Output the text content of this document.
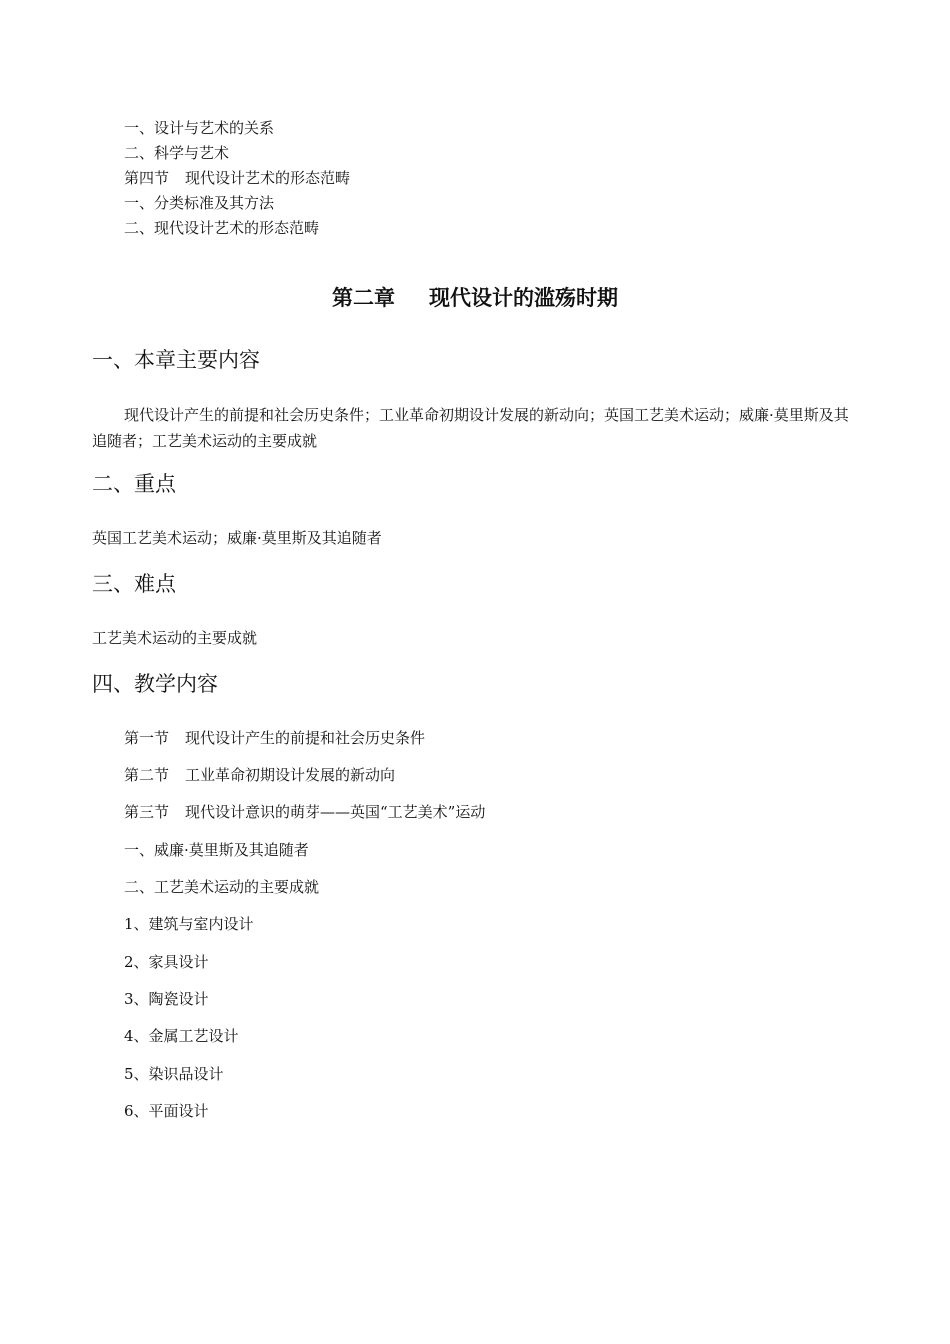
一、设计与艺术的关系
二、科学与艺术
第四节 现代设计艺术的形态范畴
一、分类标准及其方法
二、现代设计艺术的形态范畴
第二章 现代设计的滥殇时期
一、本章主要内容
现代设计产生的前提和社会历史条件；工业革命初期设计发展的新动向；英国工艺美术运动；威廉·莫里斯及其追随者；工艺美术运动的主要成就
二、重点
英国工艺美术运动；威廉·莫里斯及其追随者
三、难点
工艺美术运动的主要成就
四、教学内容
第一节 现代设计产生的前提和社会历史条件
第二节 工业革命初期设计发展的新动向
第三节 现代设计意识的萌芽——英国“工艺美术”运动
一、威廉·莫里斯及其追随者
二、工艺美术运动的主要成就
1、建筑与室内设计
2、家具设计
3、陶瓷设计
4、金属工艺设计
5、染识品设计
6、平面设计
